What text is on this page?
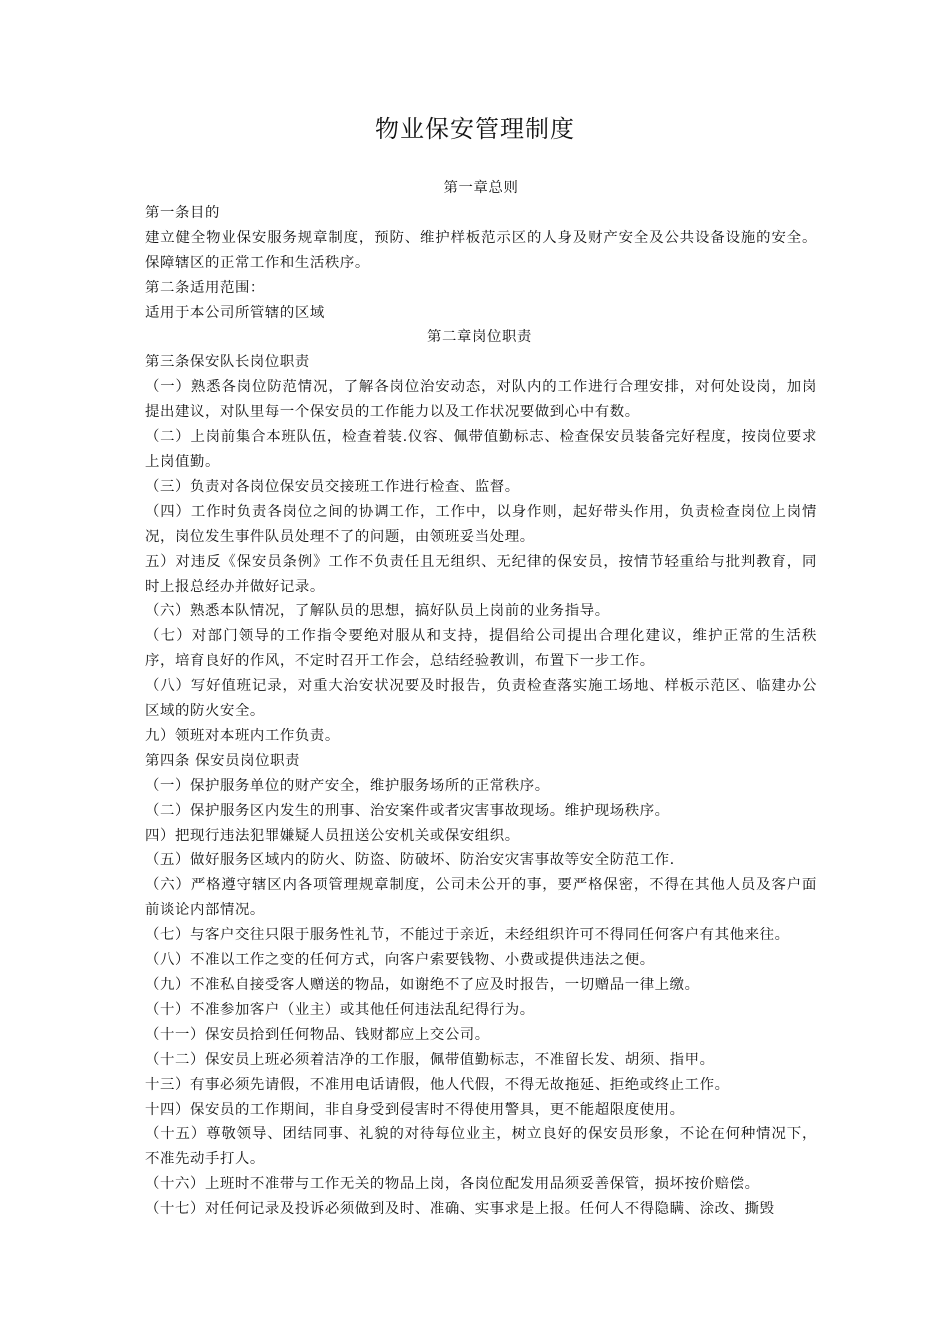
物业保安管理制度

第一章总则

第一条目的

建立健全物业保安服务规章制度，预防、维护样板范示区的人身及财产安全及公共设备设施的安全。保障辖区的正常工作和生活秩序。

第二条适用范围：

适用于本公司所管辖的区域

第二章岗位职责

第三条保安队长岗位职责

（一）熟悉各岗位防范情况，了解各岗位治安动态，对队内的工作进行合理安排，对何处设岗，加岗提出建议，对队里每一个保安员的工作能力以及工作状况要做到心中有数。

（二）上岗前集合本班队伍，检查着装.仪容、佩带值勤标志、检查保安员装备完好程度，按岗位要求上岗值勤。

（三）负责对各岗位保安员交接班工作进行检查、监督。

（四）工作时负责各岗位之间的协调工作，工作中，以身作则，起好带头作用，负责检查岗位上岗情况，岗位发生事件队员处理不了的问题，由领班妥当处理。

五）对违反《保安员条例》工作不负责任且无组织、无纪律的保安员，按情节轻重给与批判教育，同时上报总经办并做好记录。

（六）熟悉本队情况，了解队员的思想，搞好队员上岗前的业务指导。

（七）对部门领导的工作指令要绝对服从和支持，提倡给公司提出合理化建议，维护正常的生活秩序，培育良好的作风，不定时召开工作会，总结经验教训，布置下一步工作。

（八）写好值班记录，对重大治安状况要及时报告，负责检查落实施工场地、样板示范区、临建办公区域的防火安全。

九）领班对本班内工作负责。

第四条 保安员岗位职责

（一）保护服务单位的财产安全，维护服务场所的正常秩序。

（二）保护服务区内发生的刑事、治安案件或者灾害事故现场。维护现场秩序。

四）把现行违法犯罪嫌疑人员扭送公安机关或保安组织。

（五）做好服务区域内的防火、防盗、防破坏、防治安灾害事故等安全防范工作.

（六）严格遵守辖区内各项管理规章制度，公司未公开的事，要严格保密，不得在其他人员及客户面前谈论内部情况。

（七）与客户交往只限于服务性礼节，不能过于亲近，未经组织许可不得同任何客户有其他来往。

（八）不准以工作之变的任何方式，向客户索要钱物、小费或提供违法之便。

（九）不准私自接受客人赠送的物品，如谢绝不了应及时报告，一切赠品一律上缴。

（十）不准参加客户（业主）或其他任何违法乱纪得行为。

（十一）保安员拾到任何物品、钱财都应上交公司。

（十二）保安员上班必须着洁净的工作服，佩带值勤标志，不准留长发、胡须、指甲。

十三）有事必须先请假，不准用电话请假，他人代假，不得无故拖延、拒绝或终止工作。

十四）保安员的工作期间，非自身受到侵害时不得使用警具，更不能超限度使用。

（十五）尊敬领导、团结同事、礼貌的对待每位业主，树立良好的保安员形象，不论在何种情况下，不准先动手打人。

（十六）上班时不准带与工作无关的物品上岗，各岗位配发用品须妥善保管，损坏按价赔偿。

（十七）对任何记录及投诉必须做到及时、准确、实事求是上报。任何人不得隐瞒、涂改、撕毁
